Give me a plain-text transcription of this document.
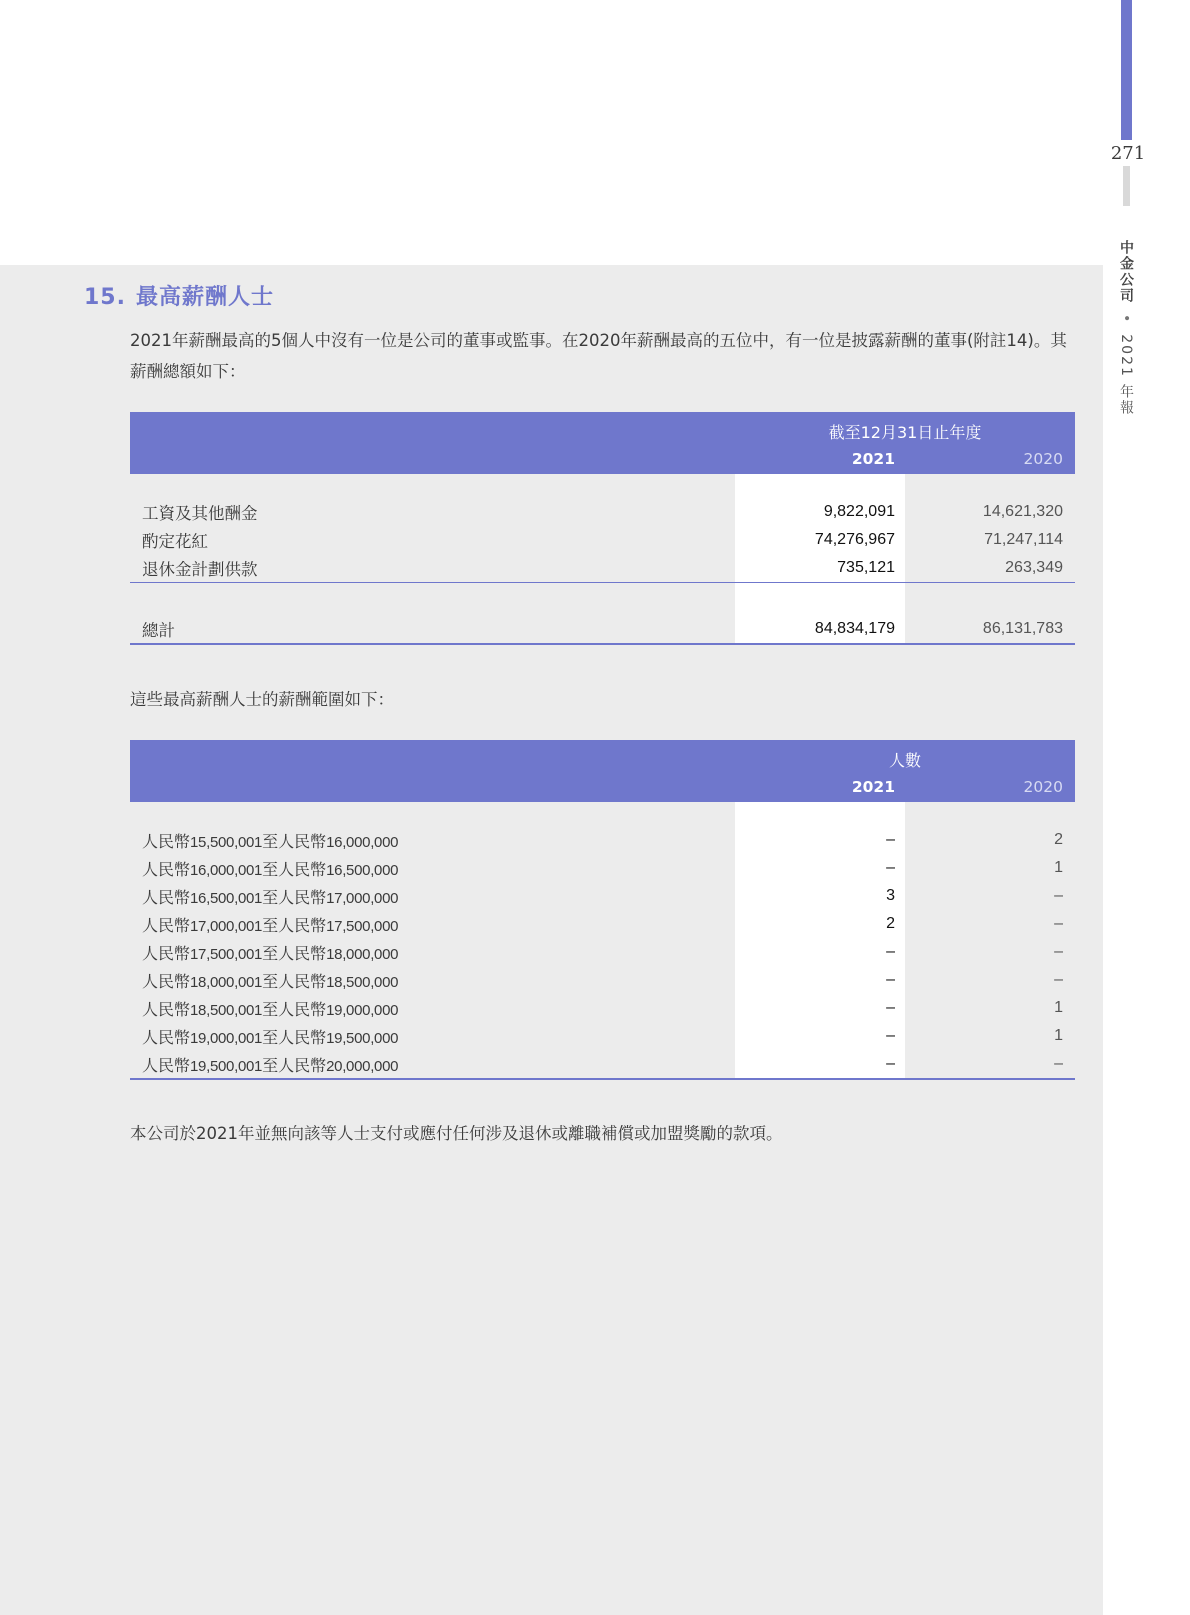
271
中金公司•2021 年報
15. 最高薪酬人士
2021年薪酬最高的5個人中沒有一位是公司的董事或監事。在2020年薪酬最高的五位中，有一位是披露薪酬的董事(附註14)。其薪酬總額如下：
截至12月31日止年度
2021	2020
工資及其他酬金	9,822,091	14,621,320
酌定花紅	74,276,967	71,247,114
退休金計劃供款	735,121	263,349
總計	84,834,179	86,131,783
這些最高薪酬人士的薪酬範圍如下：
人數
2021	2020
人民幣15,500,001至人民幣16,000,000	–	2
人民幣16,000,001至人民幣16,500,000	–	1
人民幣16,500,001至人民幣17,000,000	3	–
人民幣17,000,001至人民幣17,500,000	2	–
人民幣17,500,001至人民幣18,000,000	–	–
人民幣18,000,001至人民幣18,500,000	–	–
人民幣18,500,001至人民幣19,000,000	–	1
人民幣19,000,001至人民幣19,500,000	–	1
人民幣19,500,001至人民幣20,000,000	–	–
本公司於2021年並無向該等人士支付或應付任何涉及退休或離職補償或加盟獎勵的款項。
